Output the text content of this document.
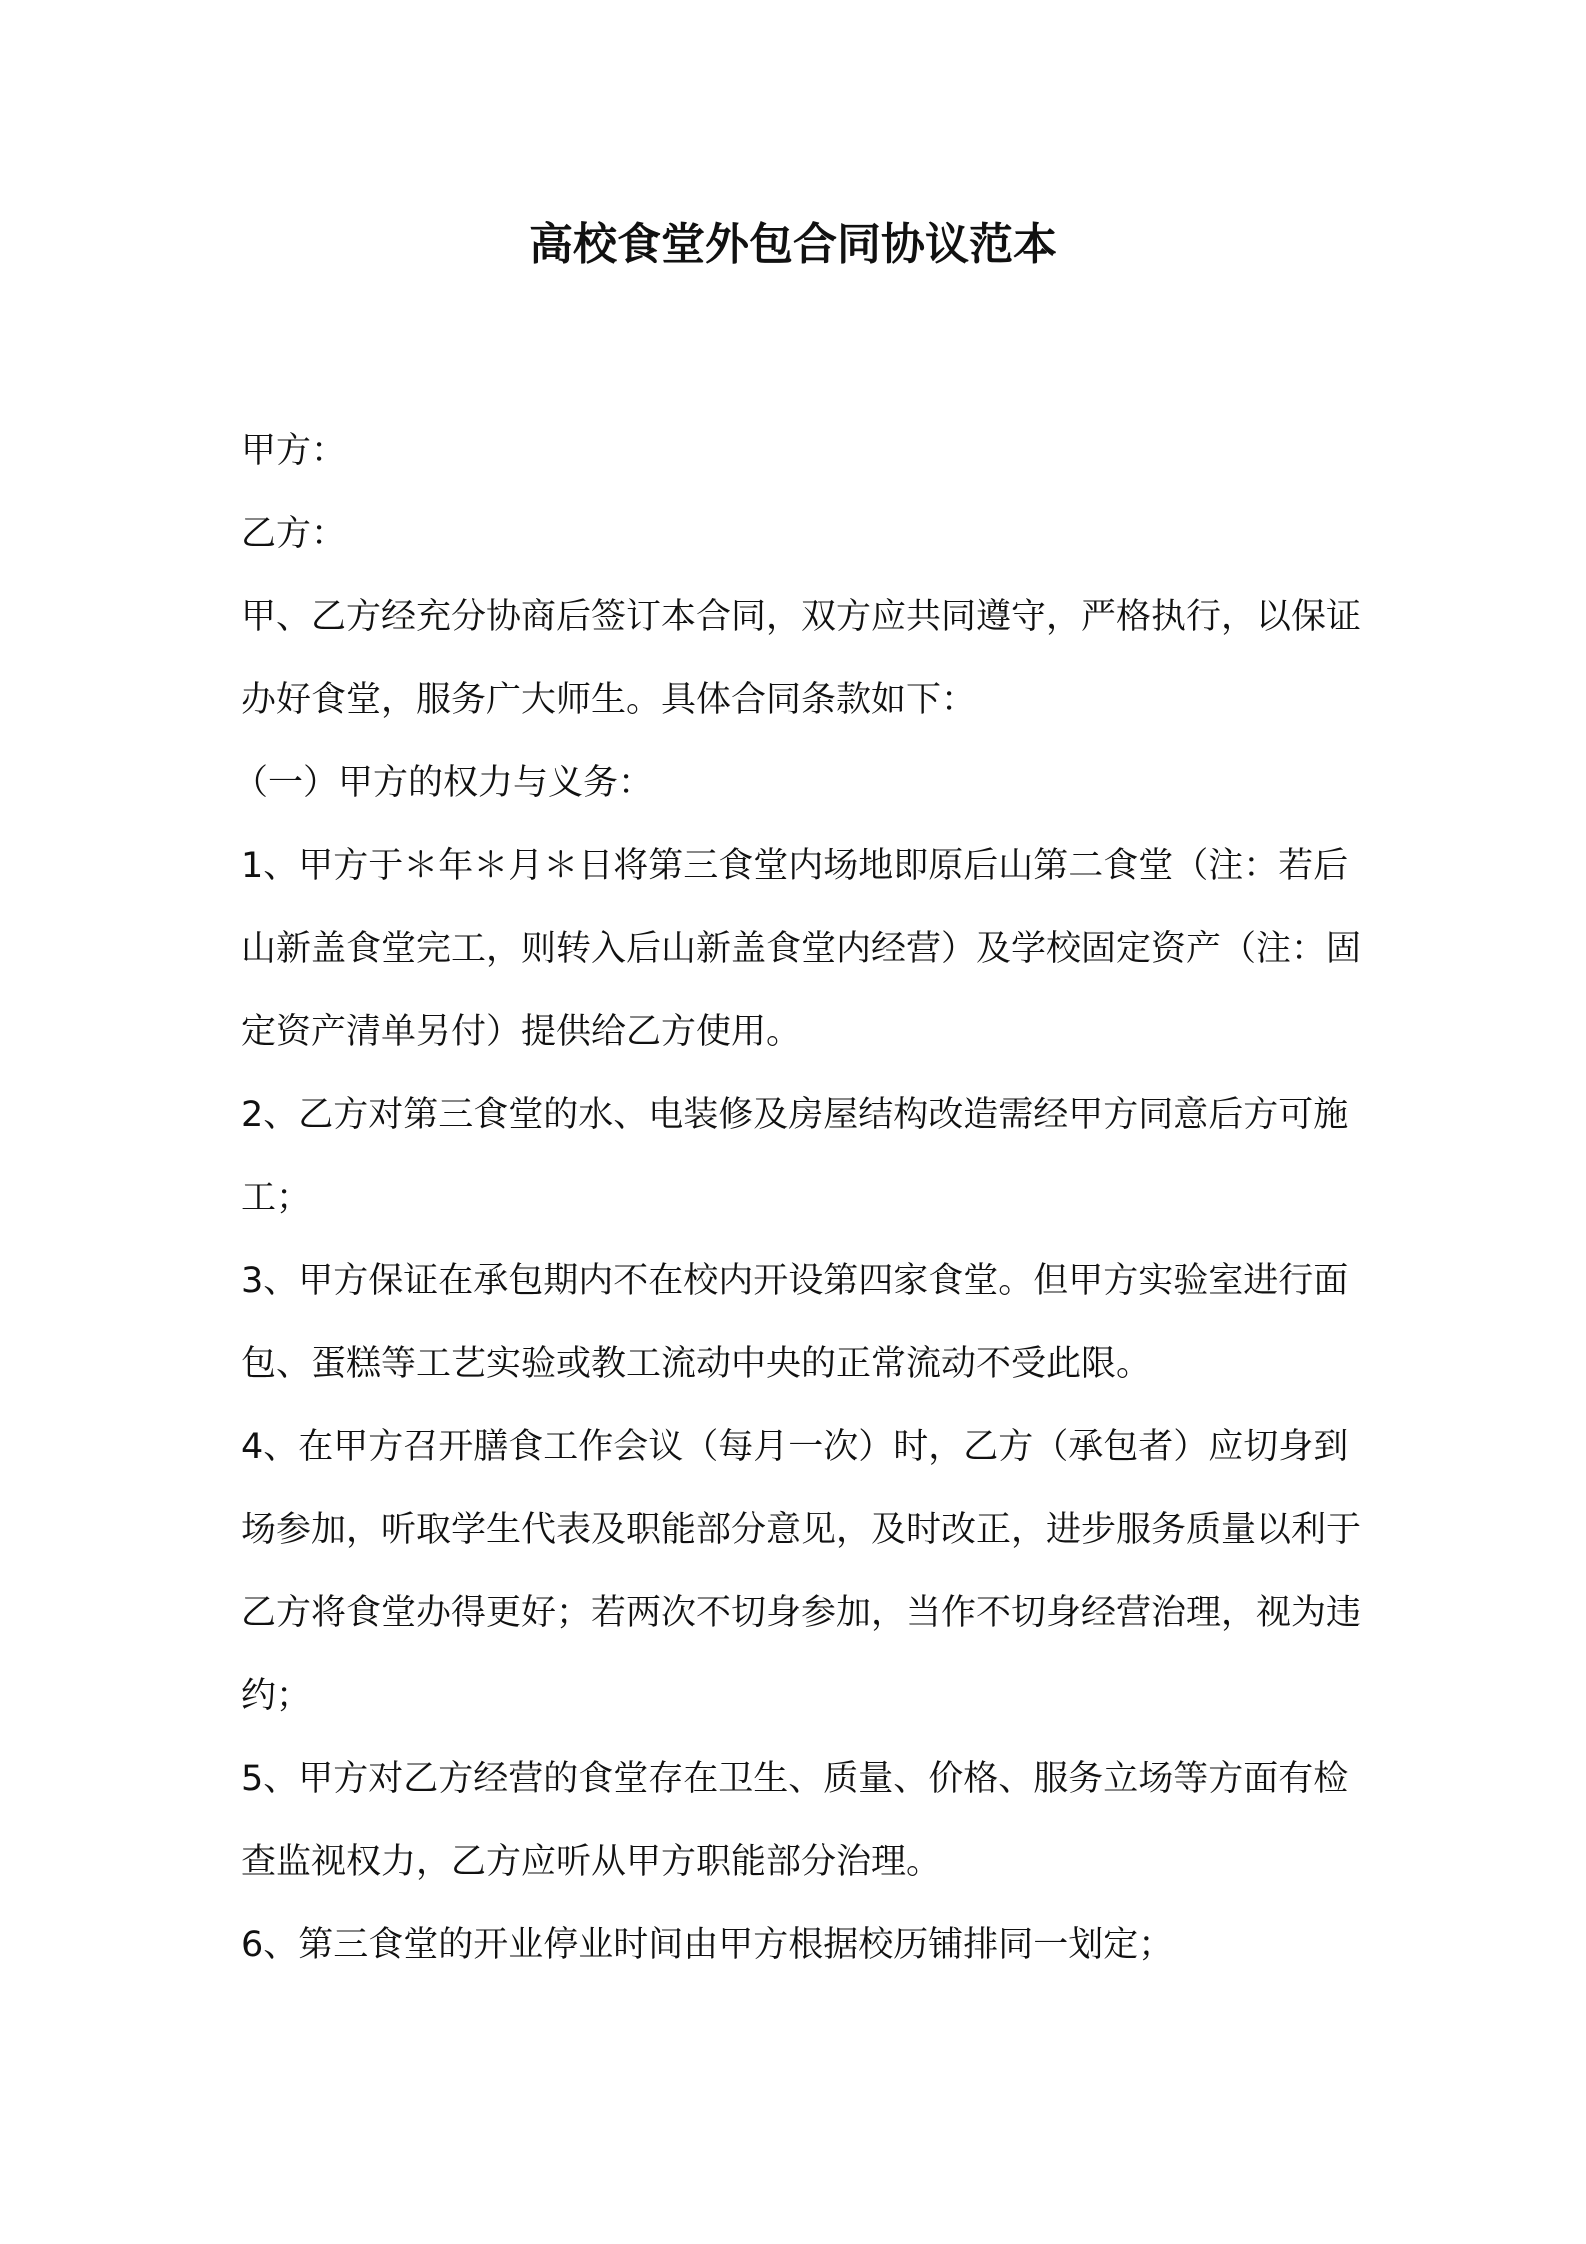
高校食堂外包合同协议范本

甲方：

乙方：

甲、乙方经充分协商后签订本合同，双方应共同遵守，严格执行，以保证办好食堂，服务广大师生。具体合同条款如下：

（一）甲方的权力与义务：

1、甲方于＊年＊月＊日将第三食堂内场地即原后山第二食堂（注：若后山新盖食堂完工，则转入后山新盖食堂内经营）及学校固定资产（注：固定资产清单另付）提供给乙方使用。

2、乙方对第三食堂的水、电装修及房屋结构改造需经甲方同意后方可施工；

3、甲方保证在承包期内不在校内开设第四家食堂。但甲方实验室进行面包、蛋糕等工艺实验或教工流动中央的正常流动不受此限。

4、在甲方召开膳食工作会议（每月一次）时，乙方（承包者）应切身到场参加，听取学生代表及职能部分意见，及时改正，进步服务质量以利于乙方将食堂办得更好；若两次不切身参加，当作不切身经营治理，视为违约；

5、甲方对乙方经营的食堂存在卫生、质量、价格、服务立场等方面有检查监视权力，乙方应听从甲方职能部分治理。

6、第三食堂的开业停业时间由甲方根据校历铺排同一划定；
